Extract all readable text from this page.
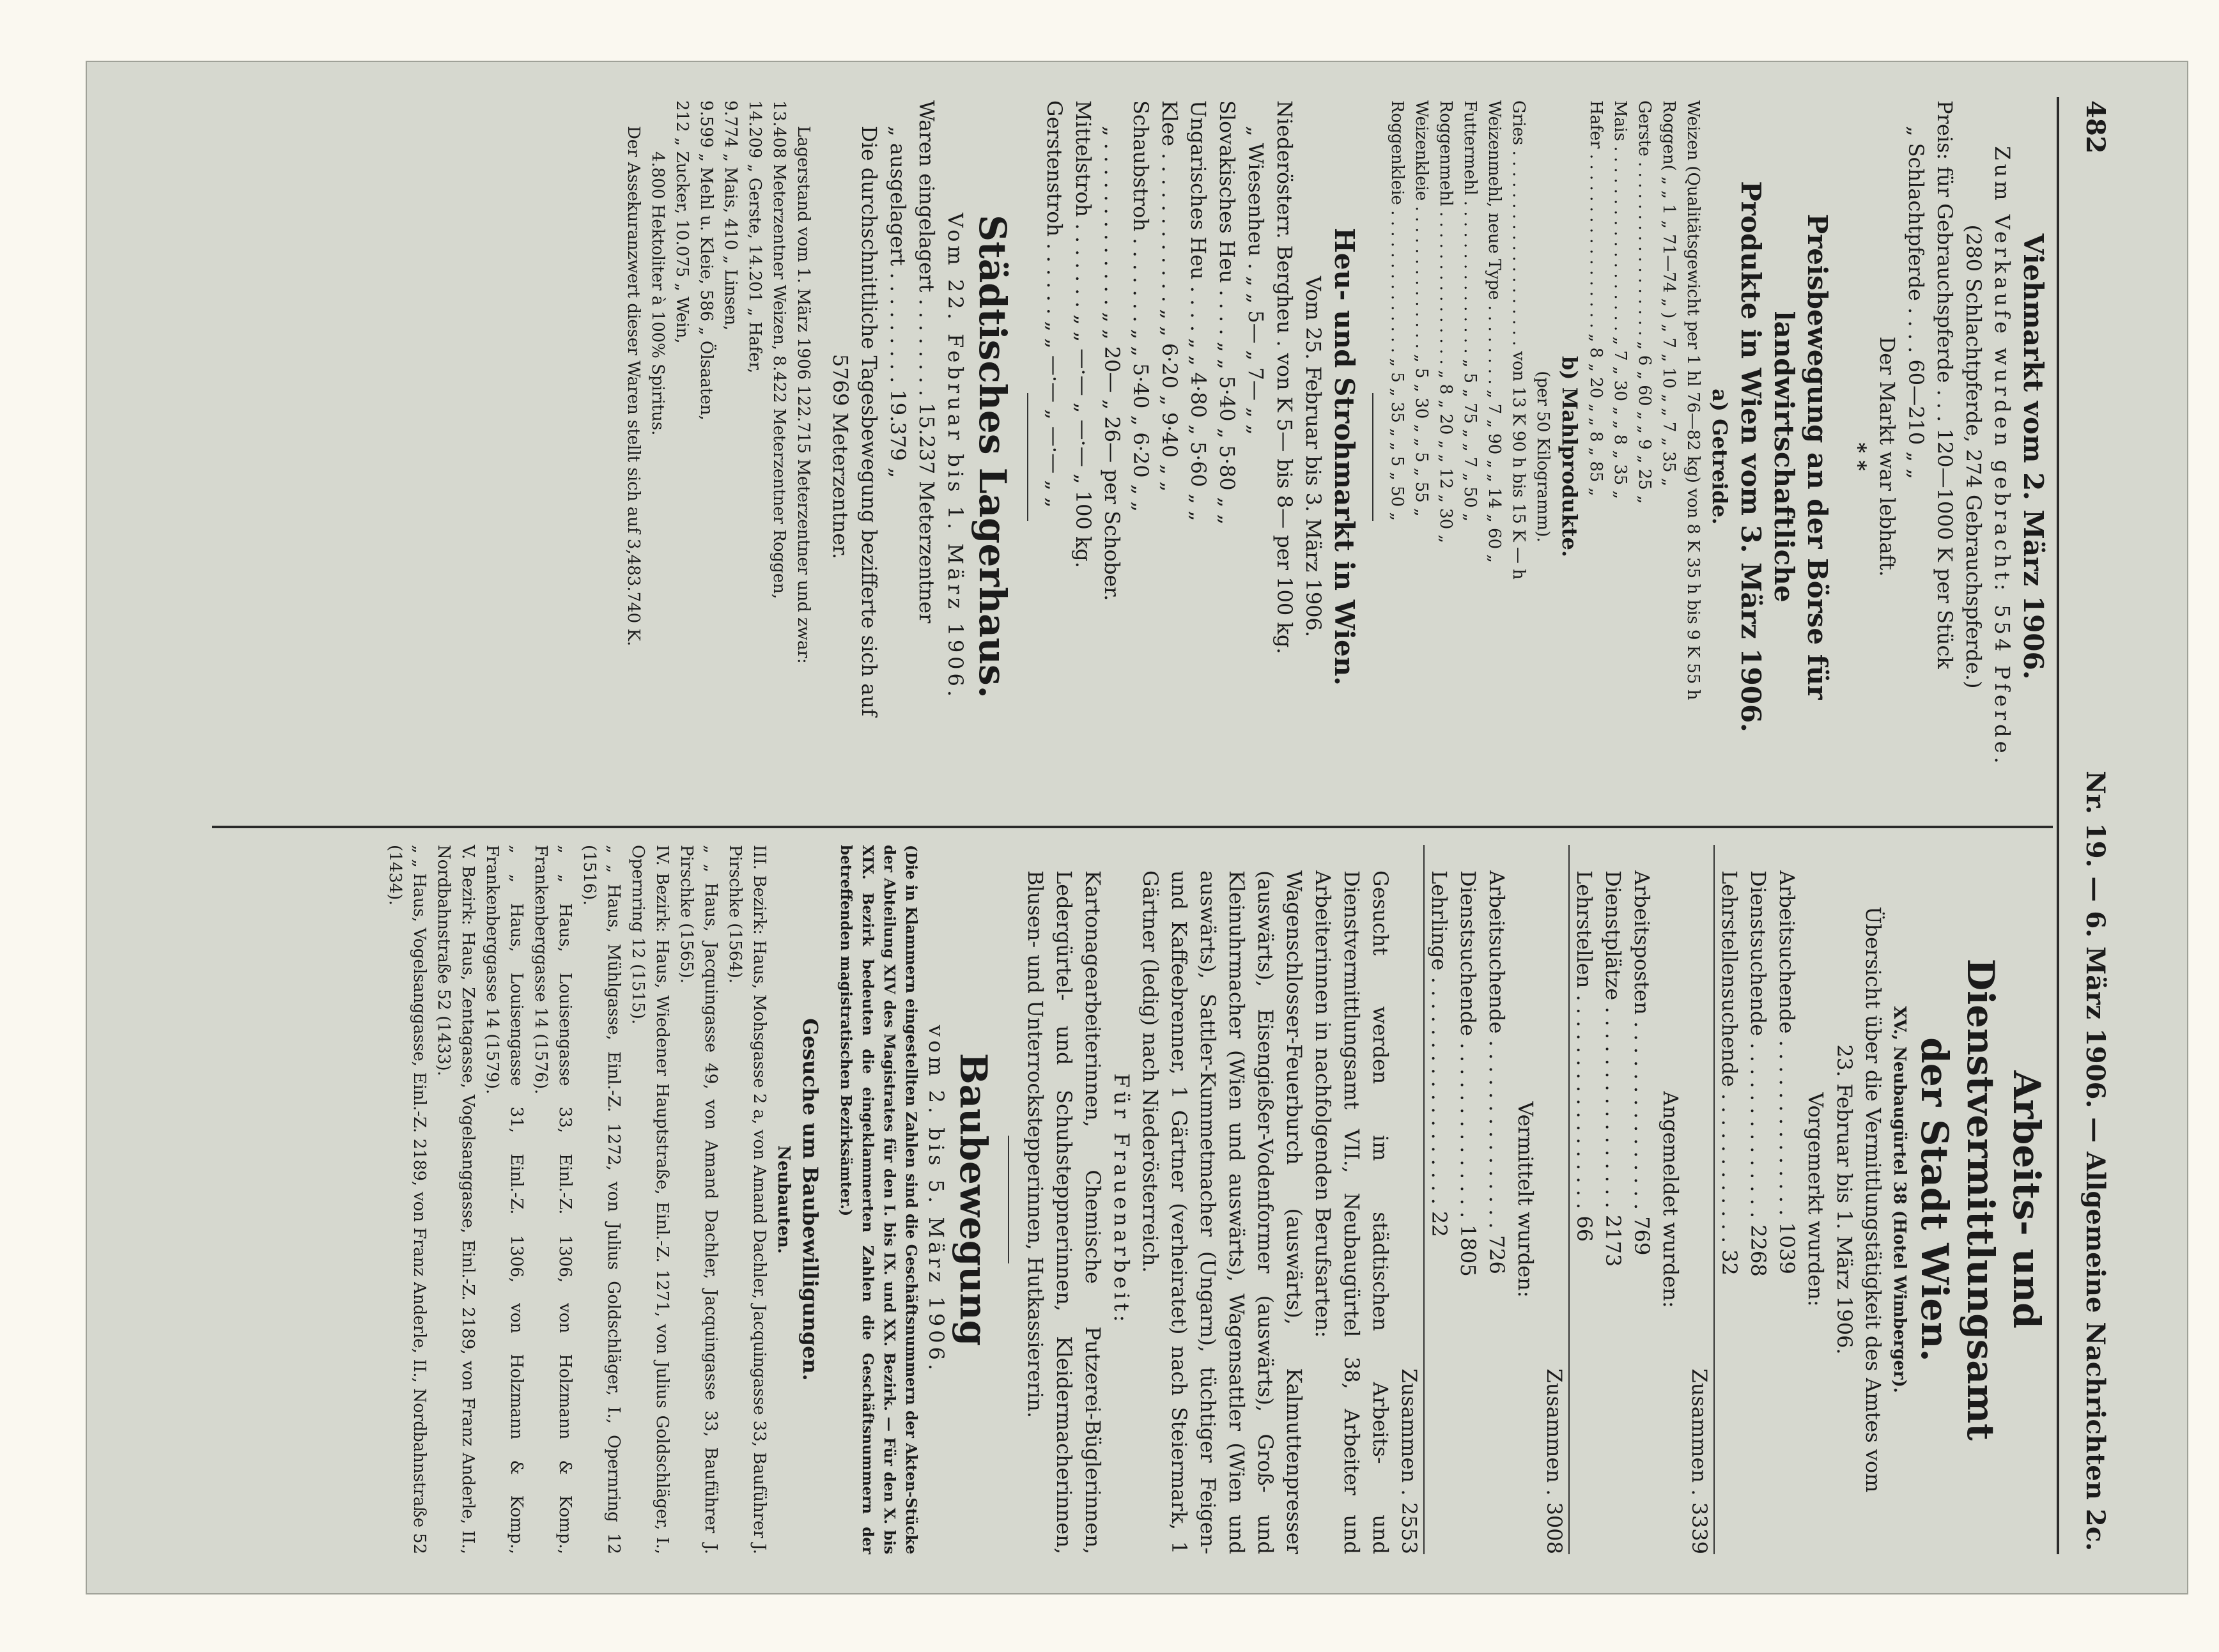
482
Nr. 19. — 6. März 1906. — Allgemeine Nachrichten 2c.
Viehmarkt vom 2. März 1906.
Zum Verkaufe wurden gebracht: 554 Pferde.
(280 Schlachtpferde, 274 Gebrauchspferde.)
Preis: für Gebrauchspferde . . . 120—1000 K per Stück
„ Schlachtpferde . . . . 60—210 „ „
Der Markt war lebhaft.
* *
Preisbewegung an der Börse für landwirtschaftliche
Produkte in Wien vom 3. März 1906.
a) Getreide.
Weizen (Qualitätsgewicht per 1 hl 76—82 kg) von 8 K 35 h bis 9 K 55 h
Roggen( „ „ 1 „ 71—74 „ ) „ 7 „ 10 „ „ 7 „ 35 „
Gerste . . . . . . . . . . . . . . . . . „ 6 „ 60 „ „ 9 „ 25 „
Mais . . . . . . . . . . . . . . . . . . „ 7 „ 30 „ „ 8 „ 35 „
Hafer . . . . . . . . . . . . . . . . . „ 8 „ 20 „ „ 8 „ 85 „
b) Mahlprodukte.
(per 50 Kilogramm).
Gries . . . . . . . . . . . . . . . . . . . von 13 K 90 h bis 15 K — h
Weizenmehl, neue Type . . . . . . . . „ 7 „ 90 „ „ 14 „ 60 „
Futtermehl . . . . . . . . . . . . . . . „ 5 „ 75 „ „ 7 „ 50 „
Roggenmehl . . . . . . . . . . . . . . . „ 8 „ 20 „ „ 12 „ 30 „
Weizenkleie . . . . . . . . . . . . . . „ 5 „ 30 „ „ 5 „ 55 „
Roggenkleie . . . . . . . . . . . . . . „ 5 „ 35 „ „ 5 „ 50 „
Heu- und Strohmarkt in Wien.
Vom 25. Februar bis 3. März 1906.
Niederösterr. Bergheu . von K 5— bis 8— per 100 kg.
„ Wiesenheu . „ „ 5— „ 7— „ „
Slovakisches Heu . . . . „ „ 5·40 „ 5·80 „ „
Ungarisches Heu . . . . „ „ 4·80 „ 5·60 „ „
Klee . . . . . . . . . . . . „ „ 6·20 „ 9·40 „ „
Schaubstroh . . . . . . . „ „ 5·40 „ 6·20 „ „
„ . . . . . . . . . . . . . „ „ 20— „ 26— per Schober.
Mittelstroh . . . . . . . „ „ —·— „ —·— „ 100 kg.
Gerstenstroh . . . . . . „ „ —·— „ —·— „ „
Städtisches Lagerhaus.
Vom 22. Februar bis 1. März 1906.
Waren eingelagert . . . . . . . . 15.237 Meterzentner
„ ausgelagert . . . . . . . . . 19.379 „
Die durchschnittliche Tagesbewegung bezifferte sich auf
5769 Meterzentner.
Lagerstand vom 1. März 1906 122.715 Meterzentner und zwar:
13.408 Meterzentner Weizen, 8.422 Meterzentner Roggen,
14.209 „ Gerste, 14.201 „ Hafer,
9.774 „ Mais, 410 „ Linsen,
9.599 „ Mehl u. Kleie, 586 „ Ölsaaten,
212 „ Zucker, 10.075 „ Wein,
4.800 Hektoliter à 100% Spiritus.
Der Assekuranzwert dieser Waren stellt sich auf 3,483.740 K.
Arbeits- und Dienstvermittlungsamt
der Stadt Wien.
XV., Neubaugürtel 38 (Hotel Wimberger).
Übersicht über die Vermittlungstätigkeit des Amtes vom
23. Februar bis 1. März 1906.
Vorgemerkt wurden:
Arbeitsuchende . . . . . . . . . . . . . . 1039
Dienstsuchende . . . . . . . . . . . . . . 2268
Lehrstellensuchende . . . . . . . . . . . . 32
Zusammen . 3339
Angemeldet wurden:
Arbeitsposten . . . . . . . . . . . . . . . 769
Dienstplätze . . . . . . . . . . . . . . . . 2173
Lehrstellen . . . . . . . . . . . . . . . . . 66
Zusammen . 3008
Vermittelt wurden:
Arbeitsuchende . . . . . . . . . . . . . . . 726
Dienstsuchende . . . . . . . . . . . . . . 1805
Lehrlinge . . . . . . . . . . . . . . . . . . 22
Zusammen . 2553

Gesucht werden im städtischen Arbeits- und Dienstvermittlungsamt VII., Neubaugürtel 38, Arbeiter und Arbeiterinnen in nachfolgenden Berufsarten:

Wagenschlosser-Feuerburch (auswärts), Kalmuttenpresser (auswärts), Eisengießer-Vodenformer (auswärts), Groß- und Kleinuhrmacher (Wien und auswärts), Wagensattler (Wien und auswärts), Sattler-Kummetmacher (Ungarn), tüchtiger Feigen- und Kaffeebrenner, 1 Gärtner (verheiratet) nach Steiermark, 1 Gärtner (ledig) nach Niederösterreich.

Für Frauenarbeit:

Kartonagearbeiterinnen, Chemische Putzerei-Büglerinnen, Ledergürtel- und Schuhsteppnerinnen, Kleidermacherinnen, Blusen- und Unterrockstepperinnen, Hutkassiererin.

Baubewegung
vom 2. bis 5. März 1906.

(Die in Klammern eingestellten Zahlen sind die Geschäftsnummern der Akten-Stücke der Abteilung XIV des Magistrates für den I. bis IX. und XX. Bezirk. — Für den X. bis XIX. Bezirk bedeuten die eingeklammerten Zahlen die Geschäftsnummern der betreffenden magistratischen Bezirksämter.)

Gesuche um Baubewilligungen.
Neubauten.

III. Bezirk: Haus, Mohsgasse 2 a, von Amand Dachler, Jacquingasse 33, Bauführer J. Pirschke (1564).

„ „ Haus, Jacquingasse 49, von Amand Dachler, Jacquingasse 33, Bauführer J. Pirschke (1565).

IV. Bezirk: Haus, Wiedener Hauptstraße, Einl.-Z. 1271, von Julius Goldschläger, I., Opernring 12 (1515).

„ „ Haus, Mühlgasse, Einl.-Z. 1272, von Julius Goldschläger, I., Opernring 12 (1516).

„ „ Haus, Louisengasse 33, Einl.-Z. 1306, von Holzmann & Komp., Frankenberggasse 14 (1576).

„ „ Haus, Louisengasse 31, Einl.-Z. 1306, von Holzmann & Komp., Frankenberggasse 14 (1579).

V. Bezirk: Haus, Zentagasse, Vogelsanggasse, Einl.-Z. 2189, von Franz Anderle, II., Nordbahnstraße 52 (1433).

„ „ Haus, Vogelsanggasse, Einl.-Z. 2189, von Franz Anderle, II., Nordbahnstraße 52 (1434).
